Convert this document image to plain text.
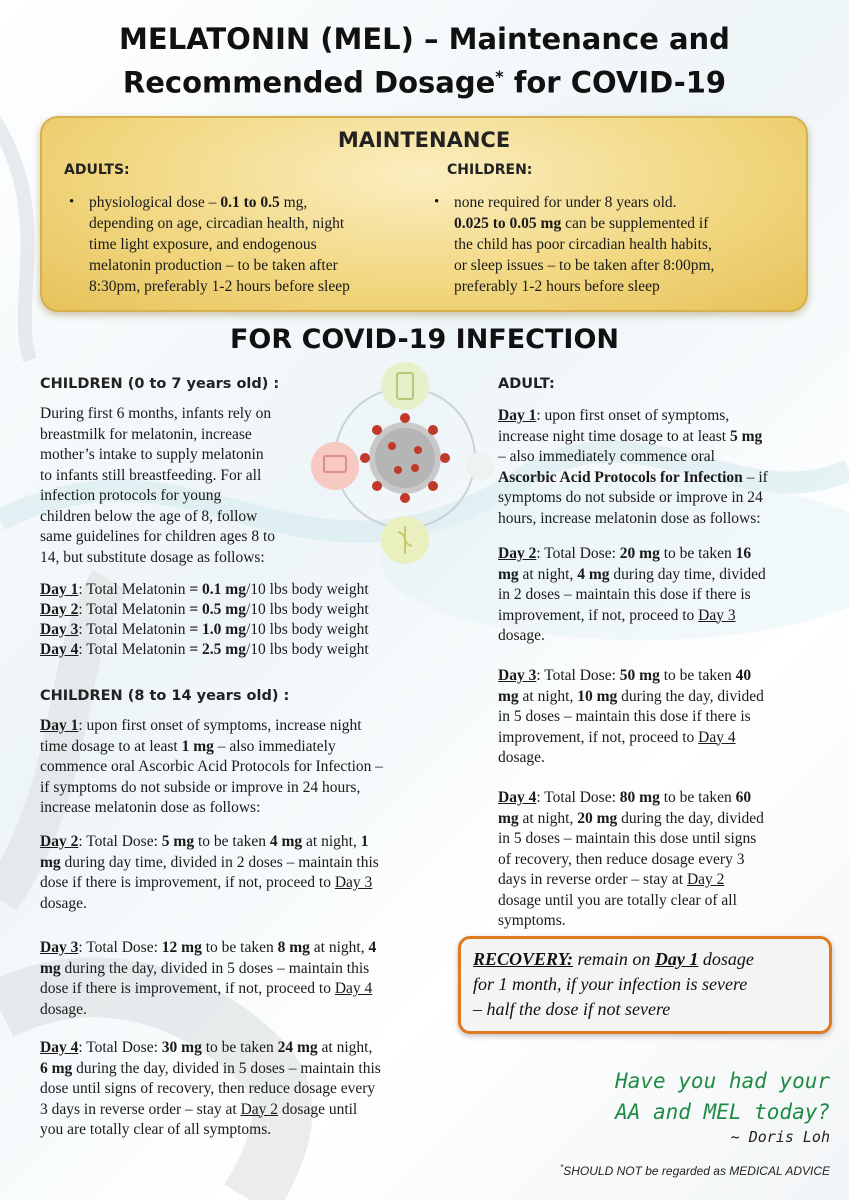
MELATONIN (MEL) – Maintenance and
Recommended Dosage* for COVID-19
MAINTENANCE
ADULTS:	CHILDREN:
• physiological dose – 0.1 to 0.5 mg,
depending on age, circadian health, night
time light exposure, and endogenous
melatonin production – to be taken after
8:30pm, preferably 1-2 hours before sleep
• none required for under 8 years old.
0.025 to 0.05 mg can be supplemented if
the child has poor circadian health habits,
or sleep issues – to be taken after 8:00pm,
preferably 1-2 hours before sleep
FOR COVID-19 INFECTION
CHILDREN (0 to 7 years old) :
During first 6 months, infants rely on
breastmilk for melatonin, increase
mother’s intake to supply melatonin
to infants still breastfeeding. For all
infection protocols for young
children below the age of 8, follow
same guidelines for children ages 8 to
14, but substitute dosage as follows:
Day 1: Total Melatonin = 0.1 mg/10 lbs body weight
Day 2: Total Melatonin = 0.5 mg/10 lbs body weight
Day 3: Total Melatonin = 1.0 mg/10 lbs body weight
Day 4: Total Melatonin = 2.5 mg/10 lbs body weight
CHILDREN (8 to 14 years old) :
Day 1: upon first onset of symptoms, increase night
time dosage to at least 1 mg – also immediately
commence oral Ascorbic Acid Protocols for Infection –
if symptoms do not subside or improve in 24 hours,
increase melatonin dose as follows:
Day 2: Total Dose: 5 mg to be taken 4 mg at night, 1
mg during day time, divided in 2 doses – maintain this
dose if there is improvement, if not, proceed to Day 3
dosage.
Day 3: Total Dose: 12 mg to be taken 8 mg at night, 4
mg during the day, divided in 5 doses – maintain this
dose if there is improvement, if not, proceed to Day 4
dosage.
Day 4: Total Dose: 30 mg to be taken 24 mg at night,
6 mg during the day, divided in 5 doses – maintain this
dose until signs of recovery, then reduce dosage every
3 days in reverse order – stay at Day 2 dosage until
you are totally clear of all symptoms.
ADULT:
Day 1: upon first onset of symptoms,
increase night time dosage to at least 5 mg
– also immediately commence oral
Ascorbic Acid Protocols for Infection – if
symptoms do not subside or improve in 24
hours, increase melatonin dose as follows:
Day 2: Total Dose: 20 mg to be taken 16
mg at night, 4 mg during day time, divided
in 2 doses – maintain this dose if there is
improvement, if not, proceed to Day 3
dosage.
Day 3: Total Dose: 50 mg to be taken 40
mg at night, 10 mg during the day, divided
in 5 doses – maintain this dose if there is
improvement, if not, proceed to Day 4
dosage.
Day 4: Total Dose: 80 mg to be taken 60
mg at night, 20 mg during the day, divided
in 5 doses – maintain this dose until signs
of recovery, then reduce dosage every 3
days in reverse order – stay at Day 2
dosage until you are totally clear of all
symptoms.
RECOVERY: remain on Day 1 dosage
for 1 month, if your infection is severe
– half the dose if not severe
Have you had your
AA and MEL today?
~ Doris Loh
*SHOULD NOT be regarded as MEDICAL ADVICE
